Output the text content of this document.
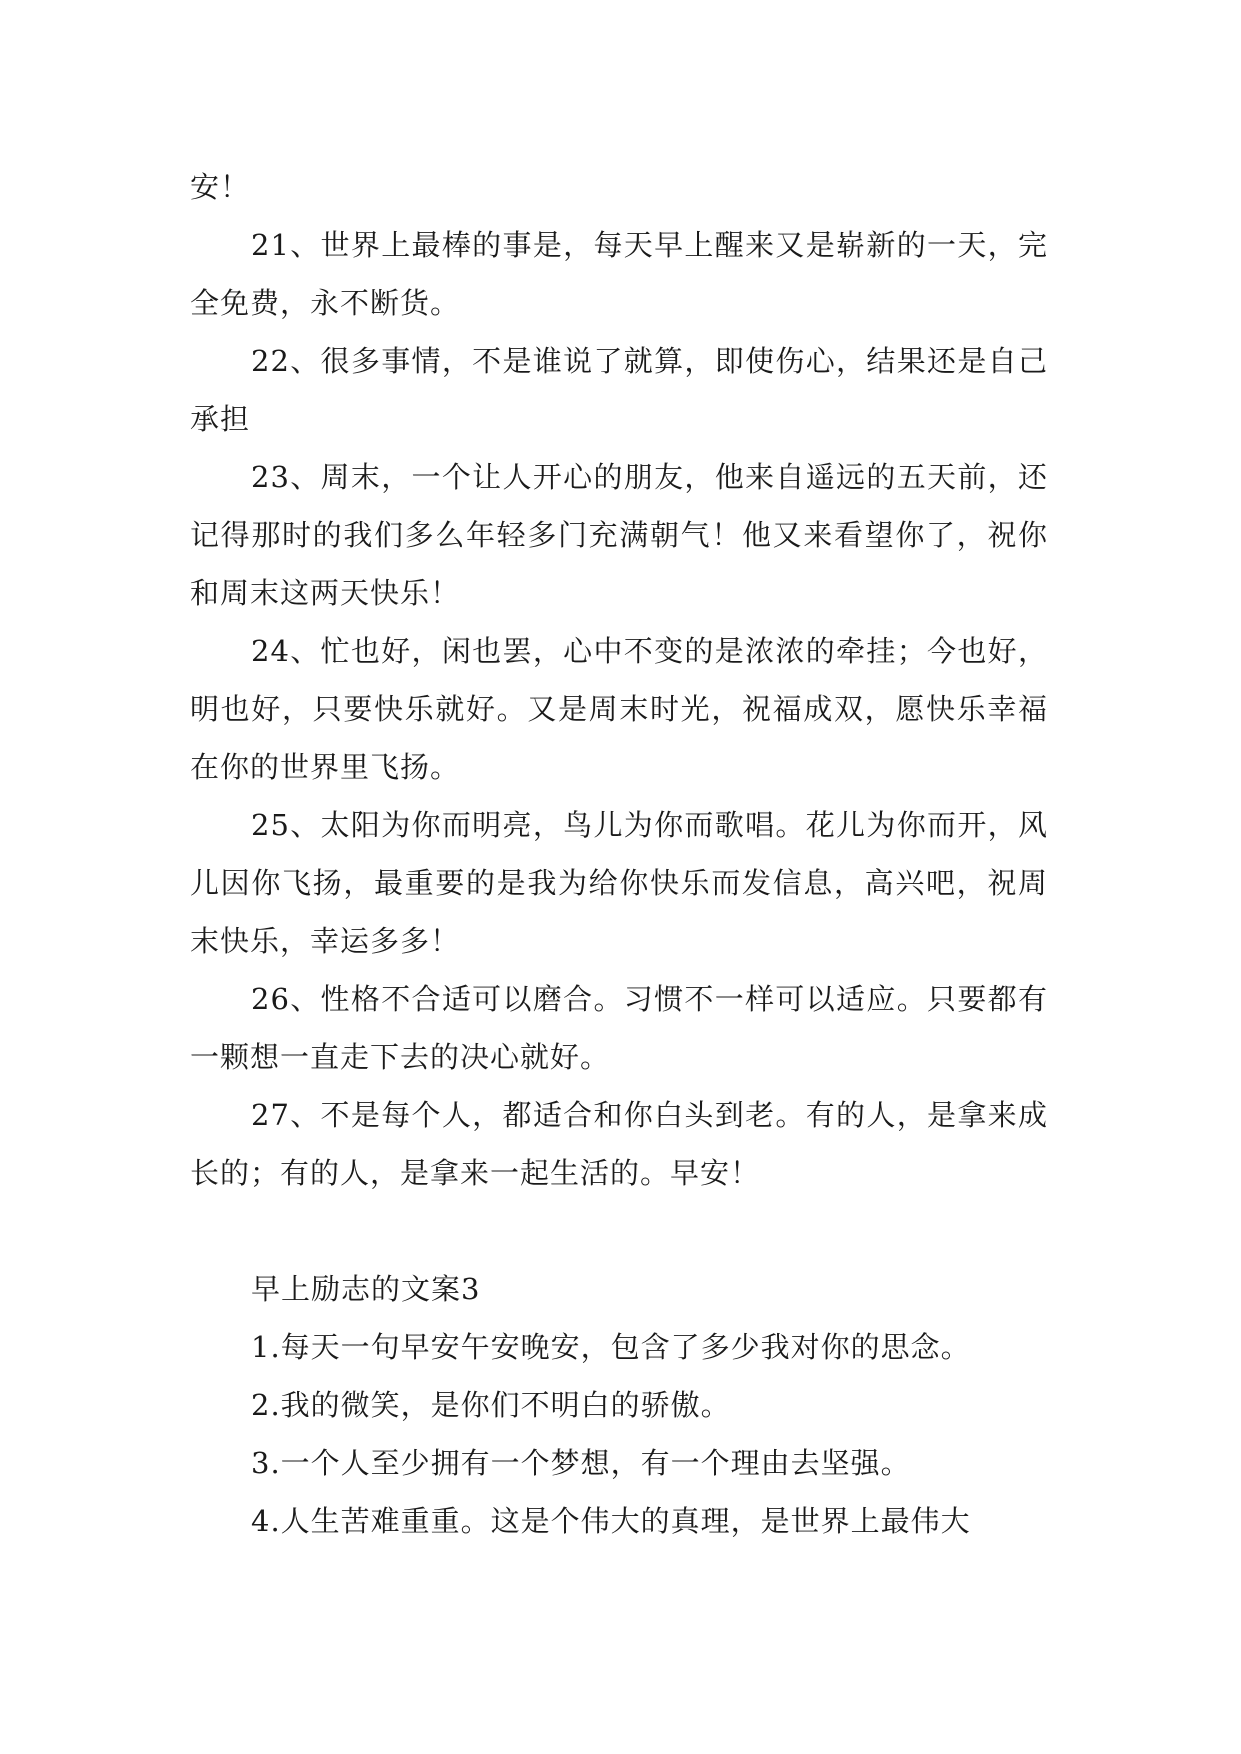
安！

21、世界上最棒的事是，每天早上醒来又是崭新的一天，完全免费，永不断货。

22、很多事情，不是谁说了就算，即使伤心，结果还是自己承担

23、周末，一个让人开心的朋友，他来自遥远的五天前，还记得那时的我们多么年轻多门充满朝气！他又来看望你了，祝你和周末这两天快乐！

24、忙也好，闲也罢，心中不变的是浓浓的牵挂；今也好，明也好，只要快乐就好。又是周末时光，祝福成双，愿快乐幸福在你的世界里飞扬。

25、太阳为你而明亮，鸟儿为你而歌唱。花儿为你而开，风儿因你飞扬，最重要的是我为给你快乐而发信息，高兴吧，祝周末快乐，幸运多多！

26、性格不合适可以磨合。习惯不一样可以适应。只要都有一颗想一直走下去的决心就好。

27、不是每个人，都适合和你白头到老。有的人，是拿来成长的；有的人，是拿来一起生活的。早安！

早上励志的文案3

1.每天一句早安午安晚安，包含了多少我对你的思念。

2.我的微笑，是你们不明白的骄傲。

3.一个人至少拥有一个梦想，有一个理由去坚强。

4.人生苦难重重。这是个伟大的真理，是世界上最伟大
